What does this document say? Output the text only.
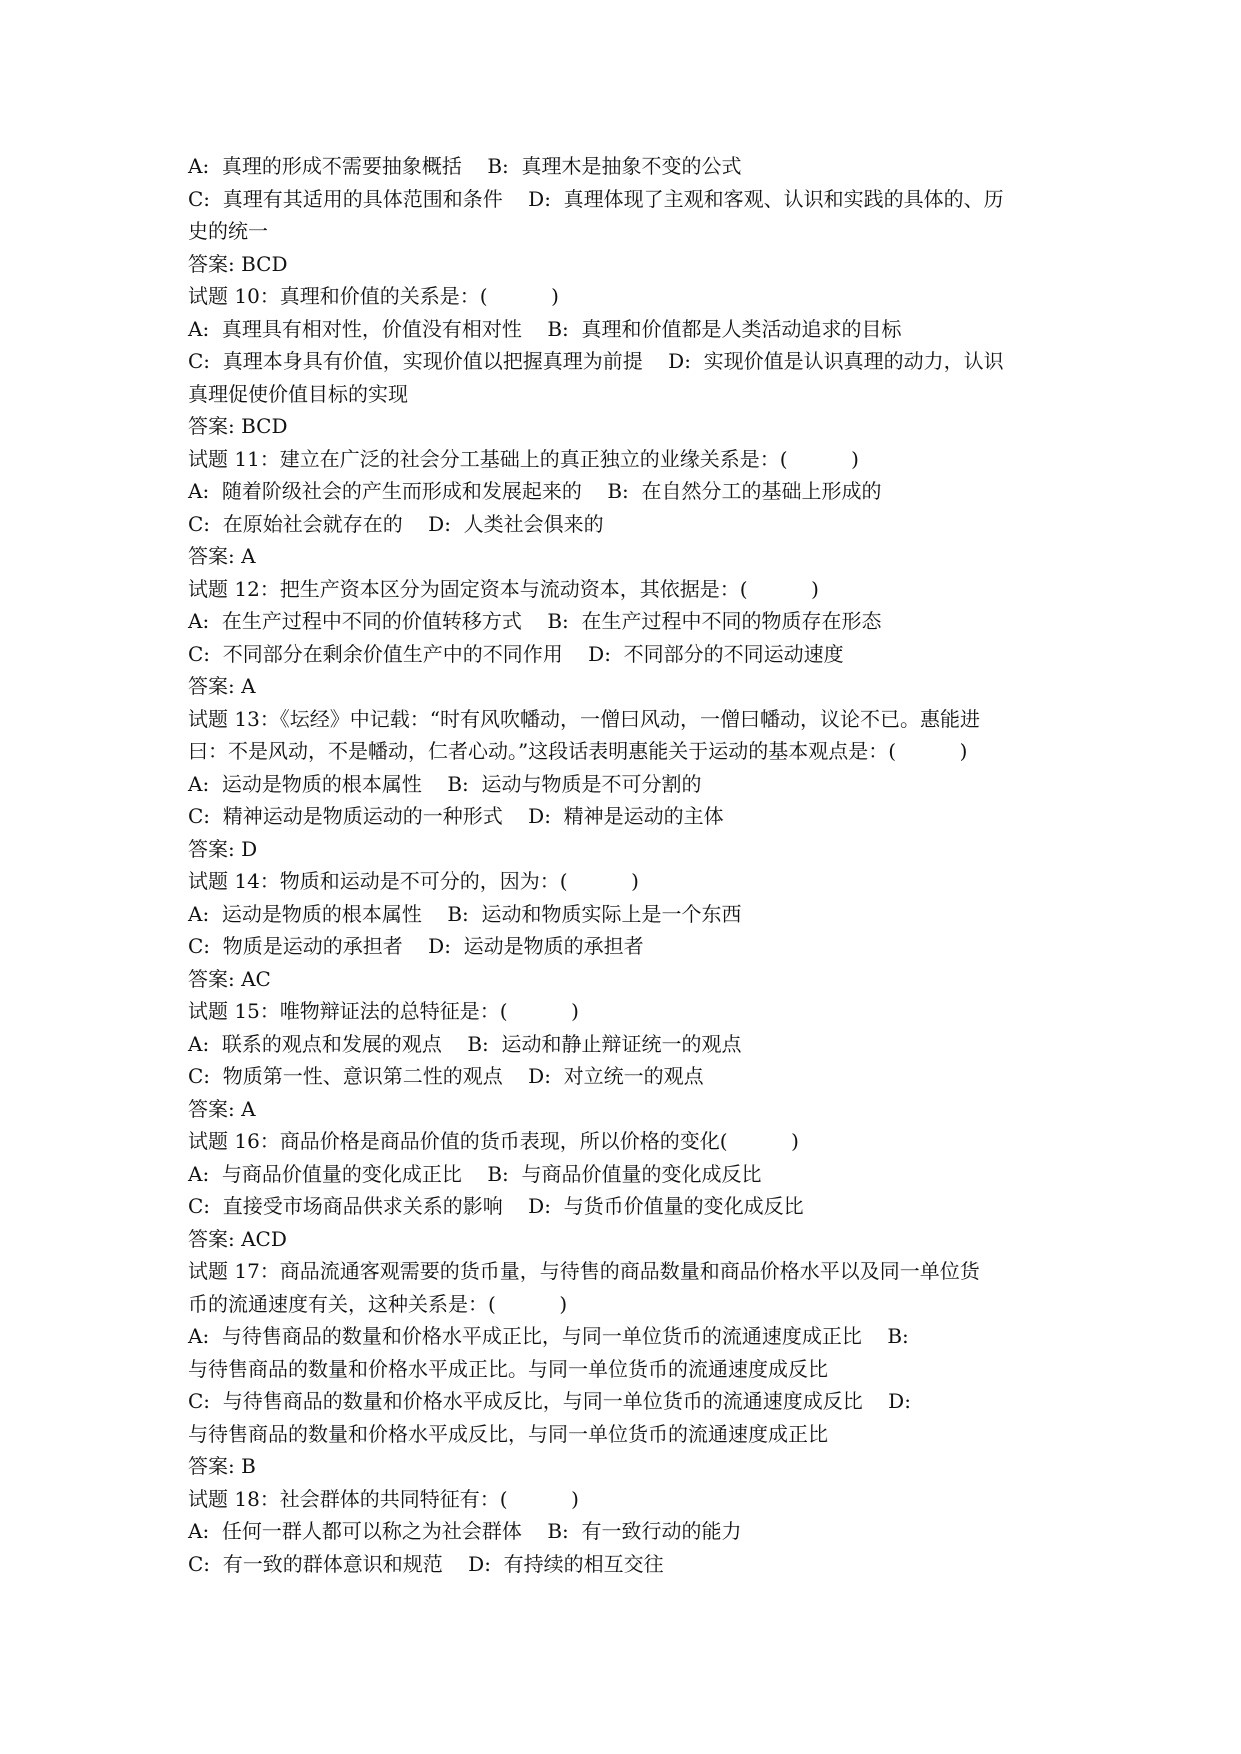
A:  真理的形成不需要抽象概括    B:  真理木是抽象不变的公式
C:  真理有其适用的具体范围和条件    D:  真理体现了主观和客观、认识和实践的具体的、历
史的统一
答案: BCD
试题 10：真理和价值的关系是：(          )
A:  真理具有相对性，价值没有相对性    B:  真理和价值都是人类活动追求的目标
C:  真理本身具有价值，实现价值以把握真理为前提    D:  实现价值是认识真理的动力，认识
真理促使价值目标的实现
答案: BCD
试题 11：建立在广泛的社会分工基础上的真正独立的业缘关系是：(          )
A:  随着阶级社会的产生而形成和发展起来的    B:  在自然分工的基础上形成的
C:  在原始社会就存在的    D:  人类社会俱来的
答案: A
试题 12：把生产资本区分为固定资本与流动资本，其依据是：(          )
A:  在生产过程中不同的价值转移方式    B:  在生产过程中不同的物质存在形态
C:  不同部分在剩余价值生产中的不同作用    D:  不同部分的不同运动速度
答案: A
试题 13：《坛经》中记载：“时有风吹幡动，一僧曰风动，一僧曰幡动，议论不已。惠能进
曰：不是风动，不是幡动，仁者心动。”这段话表明惠能关于运动的基本观点是：(          )
A:  运动是物质的根本属性    B:  运动与物质是不可分割的
C:  精神运动是物质运动的一种形式    D:  精神是运动的主体
答案: D
试题 14：物质和运动是不可分的，因为：(          )
A:  运动是物质的根本属性    B:  运动和物质实际上是一个东西
C:  物质是运动的承担者    D:  运动是物质的承担者
答案: AC
试题 15：唯物辩证法的总特征是：(          )
A:  联系的观点和发展的观点    B:  运动和静止辩证统一的观点
C:  物质第一性、意识第二性的观点    D:  对立统一的观点
答案: A
试题 16：商品价格是商品价值的货币表现，所以价格的变化(          )
A:  与商品价值量的变化成正比    B:  与商品价值量的变化成反比
C:  直接受市场商品供求关系的影响    D:  与货币价值量的变化成反比
答案: ACD
试题 17：商品流通客观需要的货币量，与待售的商品数量和商品价格水平以及同一单位货
币的流通速度有关，这种关系是：(          )
A:  与待售商品的数量和价格水平成正比，与同一单位货币的流通速度成正比    B:
与待售商品的数量和价格水平成正比。与同一单位货币的流通速度成反比
C:  与待售商品的数量和价格水平成反比，与同一单位货币的流通速度成反比    D:
与待售商品的数量和价格水平成反比，与同一单位货币的流通速度成正比
答案: B
试题 18：社会群体的共同特征有：(          )
A:  任何一群人都可以称之为社会群体    B:  有一致行动的能力
C:  有一致的群体意识和规范    D:  有持续的相互交往
